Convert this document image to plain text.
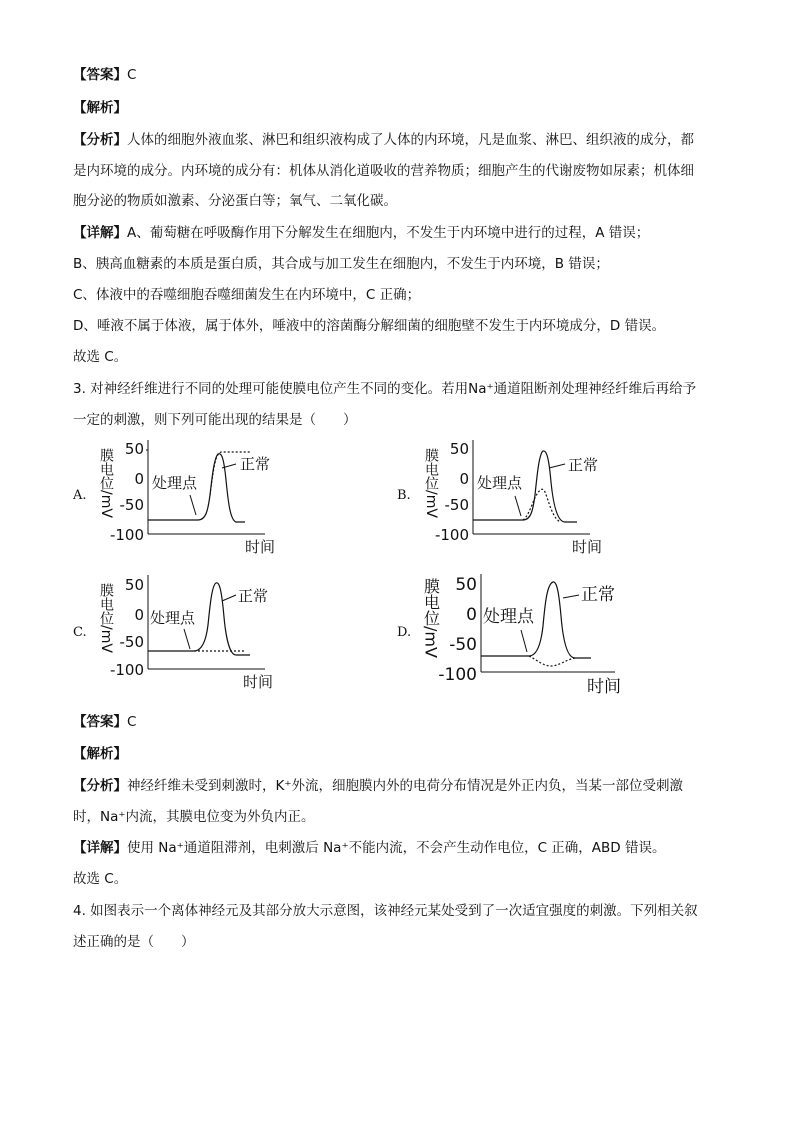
【答案】C
【解析】
【分析】人体的细胞外液血浆、淋巴和组织液构成了人体的内环境，凡是血浆、淋巴、组织液的成分，都
是内环境的成分。内环境的成分有：机体从消化道吸收的营养物质；细胞产生的代谢废物如尿素；机体细
胞分泌的物质如激素、分泌蛋白等；氧气、二氧化碳。
【详解】A、葡萄糖在呼吸酶作用下分解发生在细胞内，不发生于内环境中进行的过程，A 错误；
B、胰高血糖素的本质是蛋白质，其合成与加工发生在细胞内，不发生于内环境，B 错误；
C、体液中的吞噬细胞吞噬细菌发生在内环境中，C 正确；
D、唾液不属于体液，属于体外，唾液中的溶菌酶分解细菌的细胞壁不发生于内环境成分，D 错误。
故选 C。
3. 对神经纤维进行不同的处理可能使膜电位产生不同的变化。若用Na⁺通道阻断剂处理神经纤维后再给予
一定的刺激，则下列可能出现的结果是（　　）
A. 膜电位/mV 50
0
-50
-100
时间
处理点
正常
B. 膜电位/mV 50
0
-50
-100
时间
处理点
正常
C. 膜电位/mV 50
0
-50
-100
时间
处理点
正常
D. 膜电位/mV 50
0
-50
-100
时间
处理点
正常
【答案】C
【解析】
【分析】神经纤维未受到刺激时，K⁺外流，细胞膜内外的电荷分布情况是外正内负，当某一部位受刺激
时，Na⁺内流，其膜电位变为外负内正。
【详解】使用 Na⁺通道阻滞剂，电刺激后 Na⁺不能内流，不会产生动作电位，C 正确，ABD 错误。
故选 C。
4. 如图表示一个离体神经元及其部分放大示意图，该神经元某处受到了一次适宜强度的刺激。下列相关叙
述正确的是（　　）
